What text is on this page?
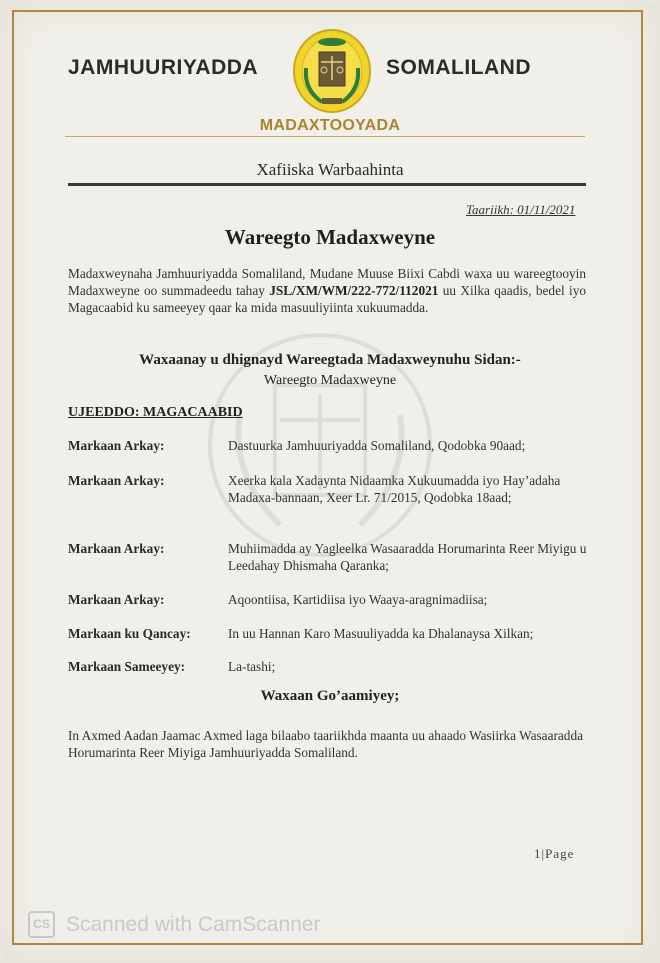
JAMHUURIYADDA	SOMALILAND
MADAXTOOYADA
Xafiiska Warbaahinta
Taariikh: 01/11/2021
Wareegto Madaxweyne
Madaxweynaha Jamhuuriyadda Somaliland, Mudane Muuse Biixi Cabdi waxa uu wareegtooyin Madaxweyne oo summadeedu tahay JSL/XM/WM/222-772/112021 uu Xilka qaadis, bedel iyo Magacaabid ku sameeyey qaar ka mida masuuliyiinta xukuumadda.
Waxaanay u dhignayd Wareegtada Madaxweynuhu Sidan:-
Wareegto Madaxweyne
UJEEDDO: MAGACAABID
Markaan Arkay:	Dastuurka Jamhuuriyadda Somaliland, Qodobka 90aad;
Markaan Arkay:	Xeerka kala Xadaynta Nidaamka Xukuumadda iyo Hay’adaha Madaxa-bannaan, Xeer Lr. 71/2015, Qodobka 18aad;
Markaan Arkay:	Muhiimadda ay Yagleelka Wasaaradda Horumarinta Reer Miyigu u Leedahay Dhismaha Qaranka;
Markaan Arkay:	Aqoontiisa, Kartidiisa iyo Waaya-aragnimadiisa;
Markaan ku Qancay:	In uu Hannan Karo Masuuliyadda ka Dhalanaysa Xilkan;
Markaan Sameeyey:	La-tashi;
Waxaan Go’aamiyey;
In Axmed Aadan Jaamac Axmed laga bilaabo taariikhda maanta uu ahaado Wasiirka Wasaaradda Horumarinta Reer Miyiga Jamhuuriyadda Somaliland.
1|Page
CS Scanned with CamScanner
